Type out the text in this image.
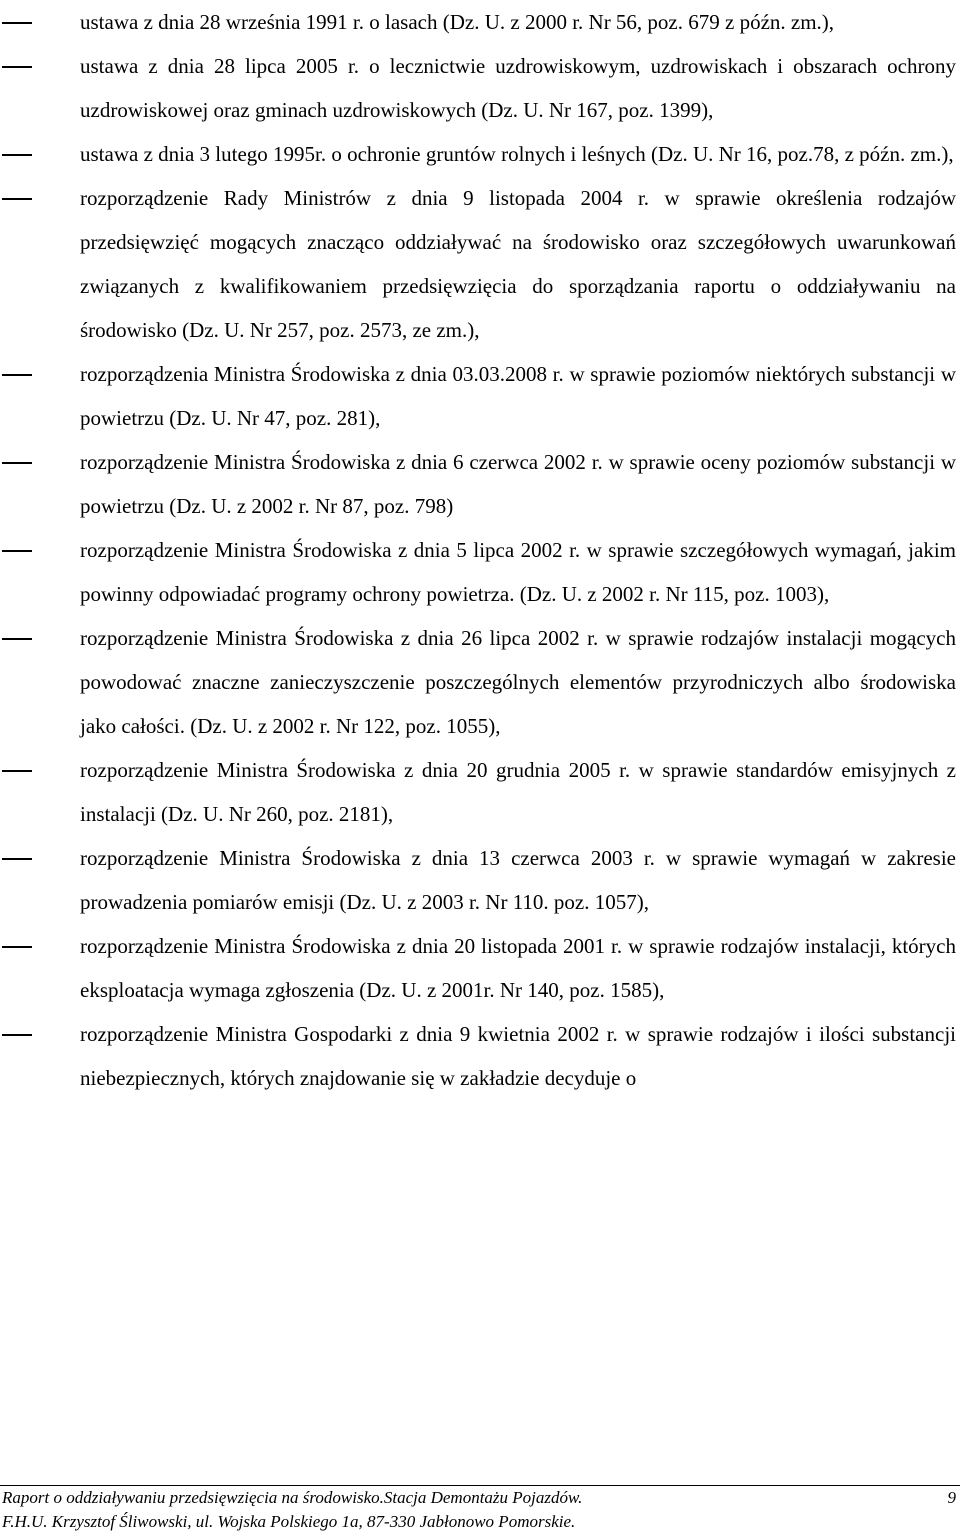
ustawa z dnia 28 września 1991 r. o lasach (Dz. U. z 2000 r. Nr 56, poz. 679 z późn. zm.),
ustawa z dnia 28 lipca 2005 r. o lecznictwie uzdrowiskowym, uzdrowiskach i obszarach ochrony uzdrowiskowej oraz gminach uzdrowiskowych (Dz. U. Nr 167, poz. 1399),
ustawa z dnia 3 lutego 1995r. o ochronie gruntów rolnych i leśnych (Dz. U. Nr 16, poz.78, z późn. zm.),
rozporządzenie Rady Ministrów z dnia 9 listopada 2004 r. w sprawie określenia rodzajów przedsięwzięć mogących znacząco oddziaływać na środowisko oraz szczegółowych uwarunkowań związanych z kwalifikowaniem przedsięwzięcia do sporządzania raportu o oddziaływaniu na środowisko (Dz. U. Nr 257, poz. 2573, ze zm.),
rozporządzenia Ministra Środowiska z dnia 03.03.2008 r. w sprawie poziomów niektórych substancji w powietrzu (Dz. U. Nr 47, poz. 281),
rozporządzenie Ministra Środowiska z dnia 6 czerwca 2002 r. w sprawie oceny poziomów substancji w powietrzu (Dz. U. z 2002 r. Nr 87, poz. 798)
rozporządzenie Ministra Środowiska z dnia 5 lipca 2002 r. w sprawie szczegółowych wymagań, jakim powinny odpowiadać programy ochrony powietrza. (Dz. U. z 2002 r. Nr 115, poz. 1003),
rozporządzenie Ministra Środowiska z dnia 26 lipca 2002 r. w sprawie rodzajów instalacji mogących powodować znaczne zanieczyszczenie poszczególnych elementów przyrodniczych albo środowiska jako całości. (Dz. U. z 2002 r. Nr 122, poz. 1055),
rozporządzenie Ministra Środowiska z dnia 20 grudnia 2005 r. w sprawie standardów emisyjnych z instalacji (Dz. U. Nr 260, poz. 2181),
rozporządzenie Ministra Środowiska z dnia 13 czerwca 2003 r. w sprawie wymagań w zakresie prowadzenia pomiarów emisji (Dz. U. z 2003 r. Nr 110. poz. 1057),
rozporządzenie Ministra Środowiska z dnia 20 listopada 2001 r. w sprawie rodzajów instalacji, których eksploatacja wymaga zgłoszenia (Dz. U. z 2001r. Nr 140, poz. 1585),
rozporządzenie Ministra Gospodarki z dnia 9 kwietnia 2002 r. w sprawie rodzajów i ilości substancji niebezpiecznych, których znajdowanie się w zakładzie decyduje o
Raport o oddziaływaniu przedsięwzięcia na środowisko.Stacja Demontażu Pojazdów.	9
F.H.U. Krzysztof Śliwowski, ul. Wojska Polskiego 1a, 87-330 Jabłonowo Pomorskie.
